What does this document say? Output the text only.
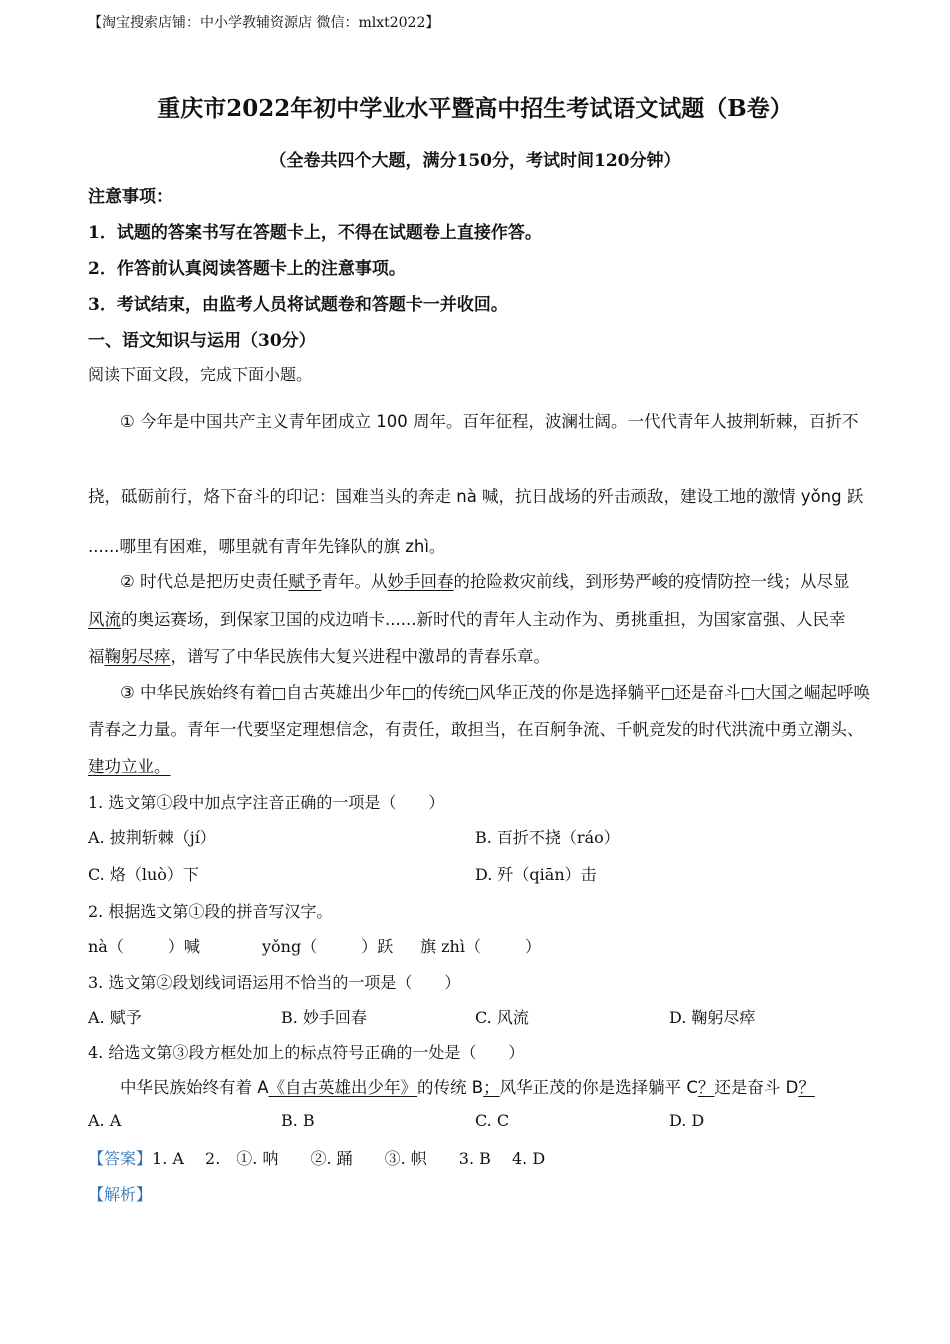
【淘宝搜索店铺：中小学教辅资源店 微信：mlxt2022】
重庆市2022年初中学业水平暨高中招生考试语文试题（B卷）
（全卷共四个大题，满分150分，考试时间120分钟）
注意事项：
1．试题的答案书写在答题卡上，不得在试题卷上直接作答。
2．作答前认真阅读答题卡上的注意事项。
3．考试结束，由监考人员将试题卷和答题卡一并收回。
一、语文知识与运用（30分）
阅读下面文段，完成下面小题。
① 今年是中国共产主义青年团成立 100 周年。百年征程，波澜壮阔。一代代青年人披荆斩棘，百折不
挠，砥砺前行，烙下奋斗的印记：国难当头的奔走 nà 喊，抗日战场的歼击顽敌，建设工地的激情 yǒng 跃
......哪里有困难，哪里就有青年先锋队的旗 zhì。
② 时代总是把历史责任赋予青年。从妙手回春的抢险救灾前线，到形势严峻的疫情防控一线；从尽显
风流的奥运赛场，到保家卫国的戍边哨卡......新时代的青年人主动作为、勇挑重担，为国家富强、人民幸
福鞠躬尽瘁，谱写了中华民族伟大复兴进程中激昂的青春乐章。
③ 中华民族始终有着 自古英雄出少年 的传统 风华正茂的你是选择躺平 还是奋斗 大国之崛起呼唤
青春之力量。青年一代要坚定理想信念，有责任，敢担当，在百舸争流、千帆竞发的时代洪流中勇立潮头、
建功立业。
1. 选文第①段中加点字注音正确的一项是（　　）
A. 披荆斩棘（jí）	B. 百折不挠（ráo）
C. 烙（luò）下	D. 歼（qiān）击
2. 根据选文第①段的拼音写汉字。
nà（	）喊	yǒng（	）跃 旗 zhì（	）
3. 选文第②段划线词语运用不恰当的一项是（　　）
A. 赋予	B. 妙手回春	C. 风流	D. 鞠躬尽瘁
4. 给选文第③段方框处加上的标点符号正确的一处是（　　）
中华民族始终有着 A《自古英雄出少年》的传统 B；风华正茂的你是选择躺平 C？还是奋斗 D？
A. A	B. B	C. C	D. D
【答案】1. A　 2.　①. 呐　　②. 踊　　③. 帜　　3. B　 4. D
【解析】
